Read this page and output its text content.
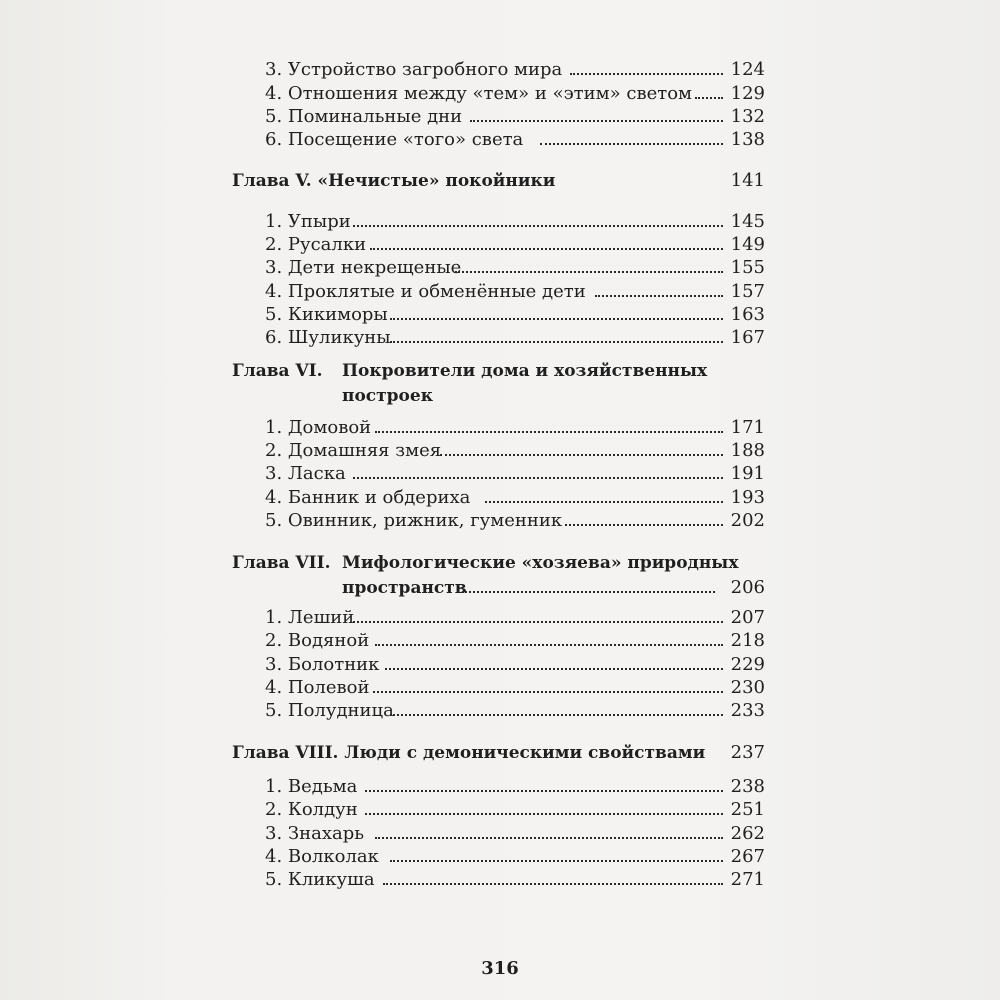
3. Устройство загробного мира	124
4. Отношения между «тем» и «этим» светом 129
5. Поминальные дни	132
6. Посещение «того» света	138
Глава V. «Нечистые» покойники	141
1. Упыри	145
2. Русалки	149
3. Дети некрещеные	155
4. Проклятые и обменённые дети	157
5. Кикиморы	163
6. Шуликуны	167
Глава VI. Покровители дома и хозяйственных
построек
1. Домовой	171
2. Домашняя змея	188
3. Ласка	191
4. Банник и обдериха	193
5. Овинник, рижник, гуменник	202
Глава VII. Мифологические «хозяева» природных
пространств	206
1. Леший	207
2. Водяной	218
3. Болотник	229
4. Полевой	230
5. Полудница	233
Глава VIII. Люди с демоническими свойствами 237
1. Ведьма	238
2. Колдун	251
3. Знахарь	262
4. Волколак	267
5. Кликуша	271
316
